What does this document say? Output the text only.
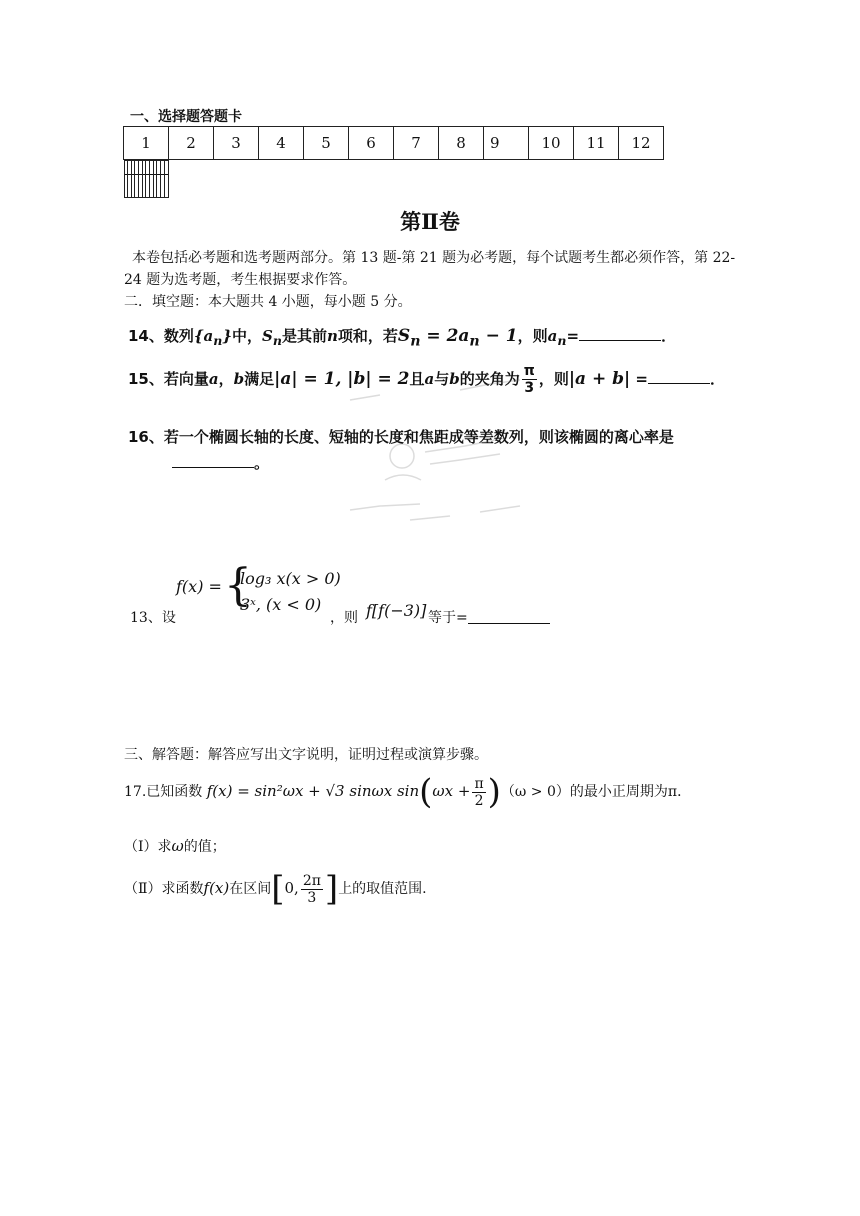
一、选择题答题卡
1	2	3	4	5	6	7	8	9	10	11	12

第Ⅱ卷
本卷包括必考题和选考题两部分。第 13 题-第 21 题为必考题，每个试题考生都必须作答，第 22-24 题为选考题，考生根据要求作答。
二．填空题：本大题共 4 小题，每小题 5 分。
14、数列$\{a_n\}$中，$S_n$是其前n项和，若$S_n = 2a_n - 1$，则$a_n=$	．
15、若向量a，b满足|a| = 1, |b| = 2且a与b的夹角为 $\frac{\pi}{3}$ ，则|a + b| =	．
16、若一个椭圆长轴的长度、短轴的长度和焦距成等差数列，则该椭圆的离心率是
。
13、设
f(x) = {
log₃ x(x > 0)
3ˣ, (x < 0)
，则 f[f(−3)] 等于=
三、解答题：解答应写出文字说明，证明过程或演算步骤。
17.已知函数 f(x) = sin²ωx + √3 sinωx $\sin(\omega x + \frac{\pi}{2} )(\omega > 0)$的最小正周期为π．
（Ⅰ）求ω的值；
（Ⅱ）求函数f(x)在区间[0, $\frac{2\pi}{3}$ ]上的取值范围.
